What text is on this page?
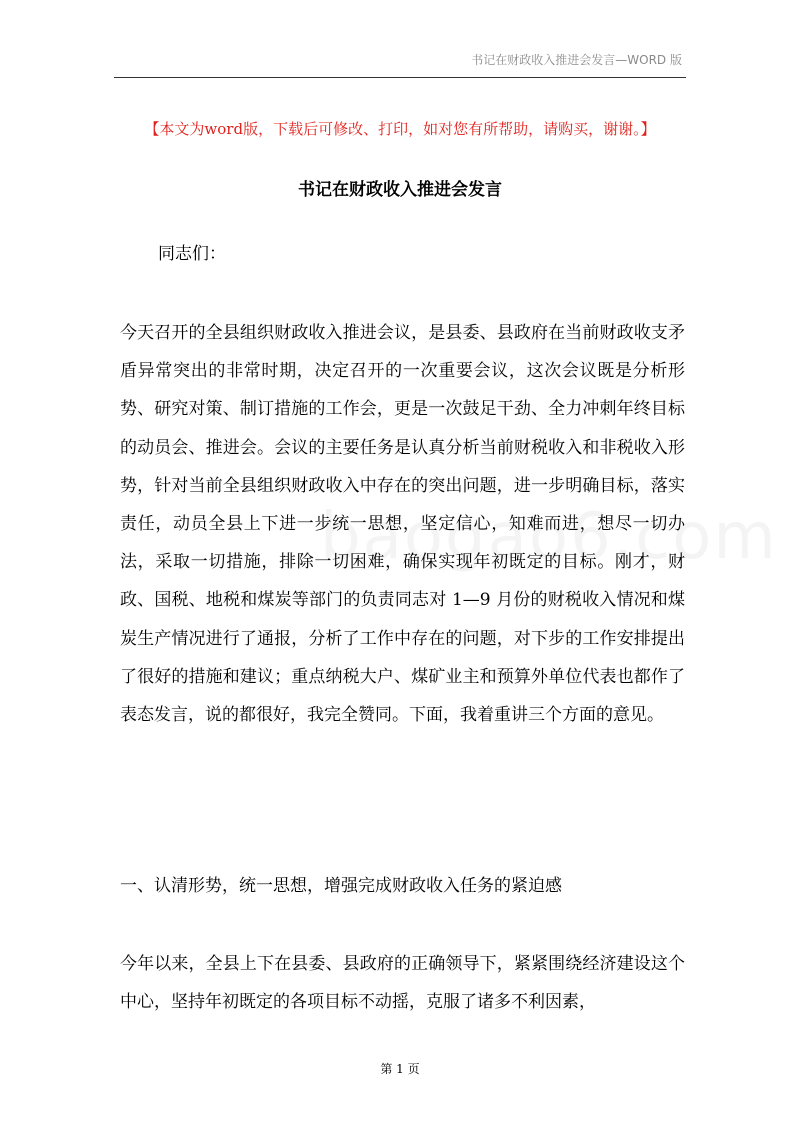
书记在财政收入推进会发言—WORD 版
【本文为word版，下载后可修改、打印，如对您有所帮助，请购买，谢谢。】
书记在财政收入推进会发言
同志们：
今天召开的全县组织财政收入推进会议，是县委、县政府在当前财政收支矛盾异常突出的非常时期，决定召开的一次重要会议，这次会议既是分析形势、研究对策、制订措施的工作会，更是一次鼓足干劲、全力冲刺年终目标的动员会、推进会。会议的主要任务是认真分析当前财税收入和非税收入形势，针对当前全县组织财政收入中存在的突出问题，进一步明确目标，落实责任，动员全县上下进一步统一思想，坚定信心，知难而进，想尽一切办法，采取一切措施，排除一切困难，确保实现年初既定的目标。刚才，财政、国税、地税和煤炭等部门的负责同志对 1—9 月份的财税收入情况和煤炭生产情况进行了通报，分析了工作中存在的问题，对下步的工作安排提出了很好的措施和建议；重点纳税大户、煤矿业主和预算外单位代表也都作了表态发言，说的都很好，我完全赞同。下面，我着重讲三个方面的意见。
一、认清形势，统一思想，增强完成财政收入任务的紧迫感
今年以来，全县上下在县委、县政府的正确领导下，紧紧围绕经济建设这个中心，坚持年初既定的各项目标不动摇，克服了诸多不利因素，
第 1 页
